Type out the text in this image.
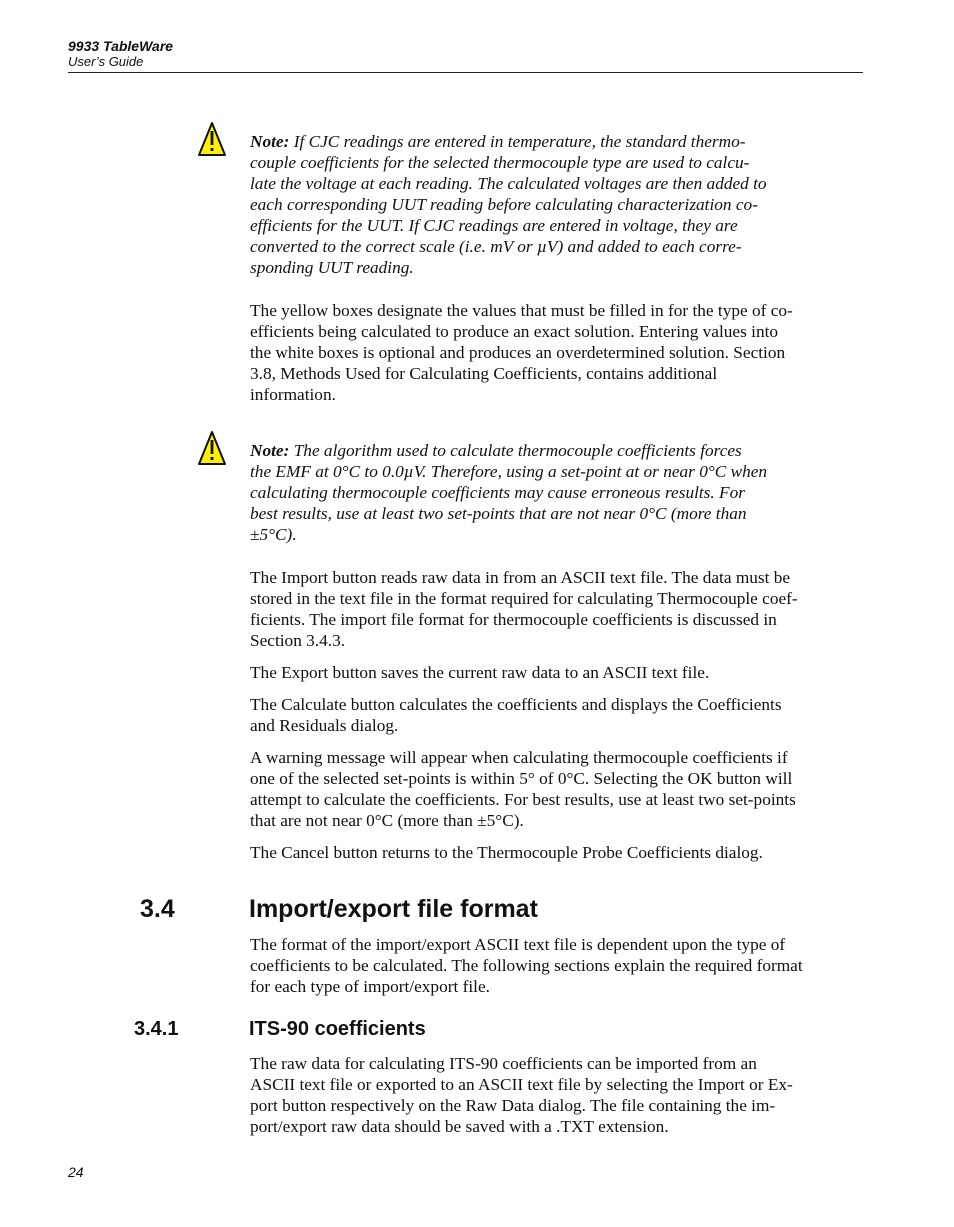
9933 TableWare
User’s Guide

Note: If CJC readings are entered in temperature, the standard thermo-
couple coefficients for the selected thermocouple type are used to calcu-
late the voltage at each reading. The calculated voltages are then added to
each corresponding UUT reading before calculating characterization co-
efficients for the UUT. If CJC readings are entered in voltage, they are
converted to the correct scale (i.e. mV or µV) and added to each corre-
sponding UUT reading.

The yellow boxes designate the values that must be filled in for the type of co-
efficients being calculated to produce an exact solution. Entering values into
the white boxes is optional and produces an overdetermined solution. Section
3.8, Methods Used for Calculating Coefficients, contains additional
information.

Note: The algorithm used to calculate thermocouple coefficients forces
the EMF at 0°C to 0.0µV. Therefore, using a set-point at or near 0°C when
calculating thermocouple coefficients may cause erroneous results. For
best results, use at least two set-points that are not near 0°C (more than
±5°C).

The Import button reads raw data in from an ASCII text file. The data must be
stored in the text file in the format required for calculating Thermocouple coef-
ficients. The import file format for thermocouple coefficients is discussed in
Section 3.4.3.

The Export button saves the current raw data to an ASCII text file.

The Calculate button calculates the coefficients and displays the Coefficients
and Residuals dialog.

A warning message will appear when calculating thermocouple coefficients if
one of the selected set-points is within 5° of 0°C. Selecting the OK button will
attempt to calculate the coefficients. For best results, use at least two set-points
that are not near 0°C (more than ±5°C).

The Cancel button returns to the Thermocouple Probe Coefficients dialog.

3.4	Import/export file format

The format of the import/export ASCII text file is dependent upon the type of
coefficients to be calculated. The following sections explain the required format
for each type of import/export file.

3.4.1	ITS-90 coefficients

The raw data for calculating ITS-90 coefficients can be imported from an
ASCII text file or exported to an ASCII text file by selecting the Import or Ex-
port button respectively on the Raw Data dialog. The file containing the im-
port/export raw data should be saved with a .TXT extension.

24
